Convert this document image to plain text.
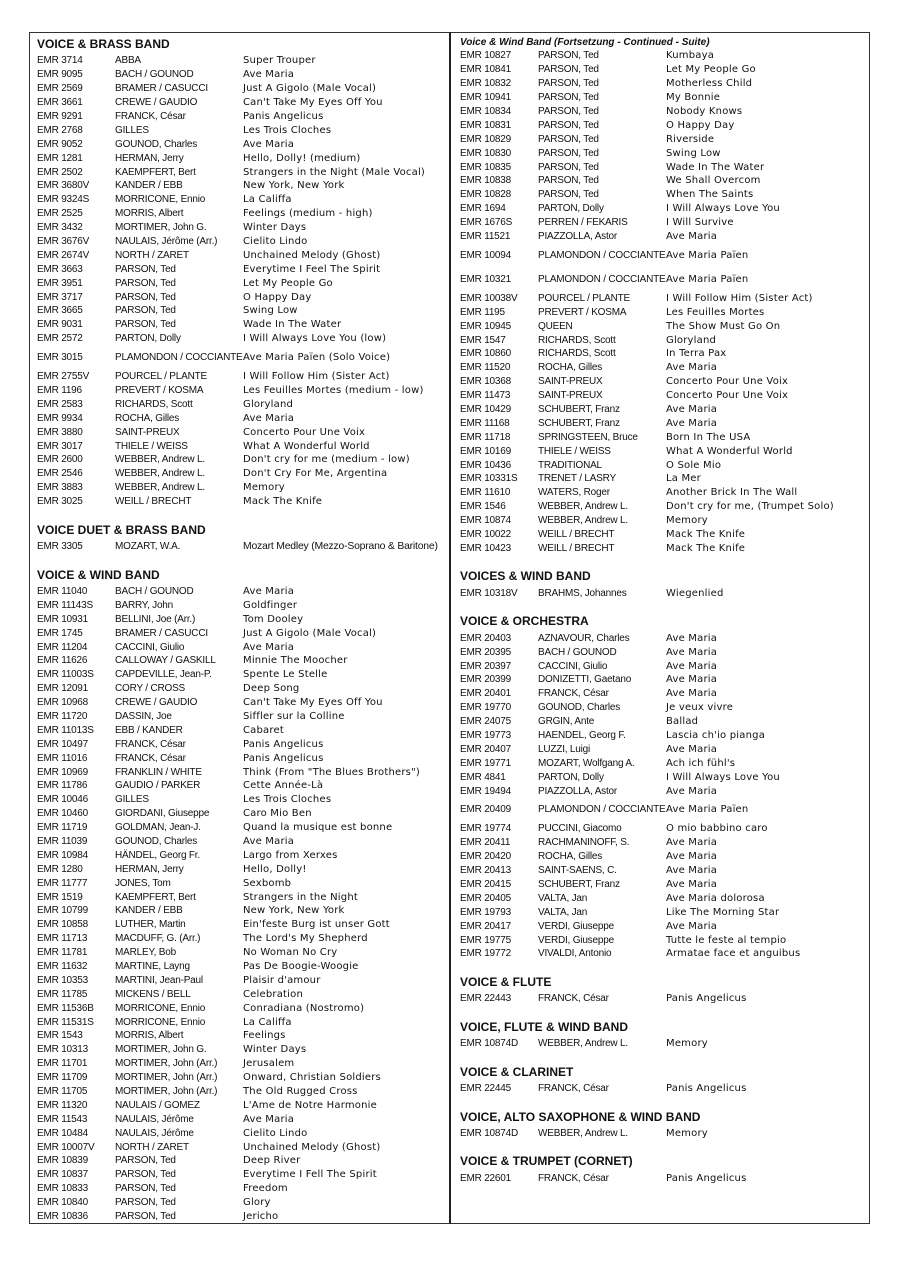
VOICE & BRASS BAND
EMR 3714	ABBA	Super Trouper
EMR 9095	BACH / GOUNOD	Ave Maria
EMR 2569	BRAMER / CASUCCI	Just A Gigolo (Male Vocal)
EMR 3661	CREWE / GAUDIO	Can't Take My Eyes Off You
EMR 9291	FRANCK, César	Panis Angelicus
EMR 2768	GILLES	Les Trois Cloches
EMR 9052	GOUNOD, Charles	Ave Maria
EMR 1281	HERMAN, Jerry	Hello, Dolly! (medium)
EMR 2502	KAEMPFERT, Bert	Strangers in the Night (Male Vocal)
EMR 3680V	KANDER / EBB	New York, New York
EMR 9324S	MORRICONE, Ennio	La Califfa
EMR 2525	MORRIS, Albert	Feelings (medium - high)
EMR 3432	MORTIMER, John G.	Winter Days
EMR 3676V	NAULAIS, Jérôme (Arr.)	Cielito Lindo
EMR 2674V	NORTH / ZARET	Unchained Melody (Ghost)
EMR 3663	PARSON, Ted	Everytime I Feel The Spirit
EMR 3951	PARSON, Ted	Let My People Go
EMR 3717	PARSON, Ted	O Happy Day
EMR 3665	PARSON, Ted	Swing Low
EMR 9031	PARSON, Ted	Wade In The Water
EMR 2572	PARTON, Dolly	I Will Always Love You (low)
EMR 3015	PLAMONDON / COCCIANTE Ave Maria Païen (Solo Voice)
EMR 2755V	POURCEL / PLANTE	I Will Follow Him (Sister Act)
EMR 1196	PREVERT / KOSMA	Les Feuilles Mortes (medium - low)
EMR 2583	RICHARDS, Scott	Gloryland
EMR 9934	ROCHA, Gilles	Ave Maria
EMR 3880	SAINT-PREUX	Concerto Pour Une Voix
EMR 3017	THIELE / WEISS	What A Wonderful World
EMR 2600	WEBBER, Andrew L.	Don't cry for me (medium - low)
EMR 2546	WEBBER, Andrew L.	Don't Cry For Me, Argentina
EMR 3883	WEBBER, Andrew L.	Memory
EMR 3025	WEILL / BRECHT	Mack The Knife
VOICE DUET & BRASS BAND
EMR 3305	MOZART, W.A.	Mozart Medley (Mezzo-Soprano & Baritone)
VOICE & WIND BAND
EMR 11040	BACH / GOUNOD	Ave Maria
EMR 11143S	BARRY, John	Goldfinger
EMR 10931	BELLINI, Joe (Arr.)	Tom Dooley
EMR 1745	BRAMER / CASUCCI	Just A Gigolo (Male Vocal)
EMR 11204	CACCINI, Giulio	Ave Maria
EMR 11626	CALLOWAY / GASKILL	Minnie The Moocher
EMR 11003S	CAPDEVILLE, Jean-P.	Spente Le Stelle
EMR 12091	CORY / CROSS	Deep Song
EMR 10968	CREWE / GAUDIO	Can't Take My Eyes Off You
EMR 11720	DASSIN, Joe	Siffler sur la Colline
EMR 11013S	EBB / KANDER	Cabaret
EMR 10497	FRANCK, César	Panis Angelicus
EMR 11016	FRANCK, César	Panis Angelicus
EMR 10969	FRANKLIN / WHITE	Think (From "The Blues Brothers")
EMR 11786	GAUDIO / PARKER	Cette Année-Là
EMR 10046	GILLES	Les Trois Cloches
EMR 10460	GIORDANI, Giuseppe	Caro Mio Ben
EMR 11719	GOLDMAN, Jean-J.	Quand la musique est bonne
EMR 11039	GOUNOD, Charles	Ave Maria
EMR 10984	HÄNDEL, Georg Fr.	Largo from Xerxes
EMR 1280	HERMAN, Jerry	Hello, Dolly!
EMR 11777	JONES, Tom	Sexbomb
EMR 1519	KAEMPFERT, Bert	Strangers in the Night
EMR 10799	KANDER / EBB	New York, New York
EMR 10858	LUTHER, Martin	Ein'feste Burg ist unser Gott
EMR 11713	MACDUFF, G. (Arr.)	The Lord's My Shepherd
EMR 11781	MARLEY, Bob	No Woman No Cry
EMR 11632	MARTINE, Layng	Pas De Boogie-Woogie
EMR 10353	MARTINI, Jean-Paul	Plaisir d'amour
EMR 11785	MICKENS / BELL	Celebration
EMR 11536B	MORRICONE, Ennio	Conradiana (Nostromo)
EMR 11531S	MORRICONE, Ennio	La Califfa
EMR 1543	MORRIS, Albert	Feelings
EMR 10313	MORTIMER, John G.	Winter Days
EMR 11701	MORTIMER, John (Arr.)	Jerusalem
EMR 11709	MORTIMER, John (Arr.)	Onward, Christian Soldiers
EMR 11705	MORTIMER, John (Arr.)	The Old Rugged Cross
EMR 11320	NAULAIS / GOMEZ	L'Ame de Notre Harmonie
EMR 11543	NAULAIS, Jérôme	Ave Maria
EMR 10484	NAULAIS, Jérôme	Cielito Lindo
EMR 10007V	NORTH / ZARET	Unchained Melody (Ghost)
EMR 10839	PARSON, Ted	Deep River
EMR 10837	PARSON, Ted	Everytime I Fell The Spirit
EMR 10833	PARSON, Ted	Freedom
EMR 10840	PARSON, Ted	Glory
EMR 10836	PARSON, Ted	Jericho
Voice & Wind Band (Fortsetzung - Continued - Suite)
EMR 10827	PARSON, Ted	Kumbaya
EMR 10841	PARSON, Ted	Let My People Go
EMR 10832	PARSON, Ted	Motherless Child
EMR 10941	PARSON, Ted	My Bonnie
EMR 10834	PARSON, Ted	Nobody Knows
EMR 10831	PARSON, Ted	O Happy Day
EMR 10829	PARSON, Ted	Riverside
EMR 10830	PARSON, Ted	Swing Low
EMR 10835	PARSON, Ted	Wade In The Water
EMR 10838	PARSON, Ted	We Shall Overcom
EMR 10828	PARSON, Ted	When The Saints
EMR 1694	PARTON, Dolly	I Will Always Love You
EMR 1676S	PERREN / FEKARIS	I Will Survive
EMR 11521	PIAZZOLLA, Astor	Ave Maria
EMR 10094	PLAMONDON / COCCIANTE Ave Maria Païen
EMR 10321	PLAMONDON / COCCIANTE Ave Maria Païen
EMR 10038V	POURCEL / PLANTE	I Will Follow Him (Sister Act)
EMR 1195	PREVERT / KOSMA	Les Feuilles Mortes
EMR 10945	QUEEN	The Show Must Go On
EMR 1547	RICHARDS, Scott	Gloryland
EMR 10860	RICHARDS, Scott	In Terra Pax
EMR 11520	ROCHA, Gilles	Ave Maria
EMR 10368	SAINT-PREUX	Concerto Pour Une Voix
EMR 11473	SAINT-PREUX	Concerto Pour Une Voix
EMR 10429	SCHUBERT, Franz	Ave Maria
EMR 11168	SCHUBERT, Franz	Ave Maria
EMR 11718	SPRINGSTEEN, Bruce	Born In The USA
EMR 10169	THIELE / WEISS	What A Wonderful World
EMR 10436	TRADITIONAL	O Sole Mio
EMR 10331S	TRENET / LASRY	La Mer
EMR 11610	WATERS, Roger	Another Brick In The Wall
EMR 1546	WEBBER, Andrew L.	Don't cry for me, (Trumpet Solo)
EMR 10874	WEBBER, Andrew L.	Memory
EMR 10022	WEILL / BRECHT	Mack The Knife
EMR 10423	WEILL / BRECHT	Mack The Knife
VOICES & WIND BAND
EMR 10318V	BRAHMS, Johannes	Wiegenlied
VOICE & ORCHESTRA
EMR 20403	AZNAVOUR, Charles	Ave Maria
EMR 20395	BACH / GOUNOD	Ave Maria
EMR 20397	CACCINI, Giulio	Ave Maria
EMR 20399	DONIZETTI, Gaetano	Ave Maria
EMR 20401	FRANCK, César	Ave Maria
EMR 19770	GOUNOD, Charles	Je veux vivre
EMR 24075	GRGIN, Ante	Ballad
EMR 19773	HAENDEL, Georg F.	Lascia ch'io pianga
EMR 20407	LUZZI, Luigi	Ave Maria
EMR 19771	MOZART, Wolfgang A.	Ach ich fühl's
EMR 4841	PARTON, Dolly	I Will Always Love You
EMR 19494	PIAZZOLLA, Astor	Ave Maria
EMR 20409	PLAMONDON / COCCIANTE Ave Maria Païen
EMR 19774	PUCCINI, Giacomo	O mio babbino caro
EMR 20411	RACHMANINOFF, S.	Ave Maria
EMR 20420	ROCHA, Gilles	Ave Maria
EMR 20413	SAINT-SAENS, C.	Ave Maria
EMR 20415	SCHUBERT, Franz	Ave Maria
EMR 20405	VALTA, Jan	Ave Maria dolorosa
EMR 19793	VALTA, Jan	Like The Morning Star
EMR 20417	VERDI, Giuseppe	Ave Maria
EMR 19775	VERDI, Giuseppe	Tutte le feste al tempio
EMR 19772	VIVALDI, Antonio	Armatae face et anguibus
VOICE & FLUTE
EMR 22443	FRANCK, César	Panis Angelicus
VOICE, FLUTE & WIND BAND
EMR 10874D	WEBBER, Andrew L.	Memory
VOICE & CLARINET
EMR 22445	FRANCK, César	Panis Angelicus
VOICE, ALTO SAXOPHONE & WIND BAND
EMR 10874D	WEBBER, Andrew L.	Memory
VOICE & TRUMPET (CORNET)
EMR 22601	FRANCK, César	Panis Angelicus
